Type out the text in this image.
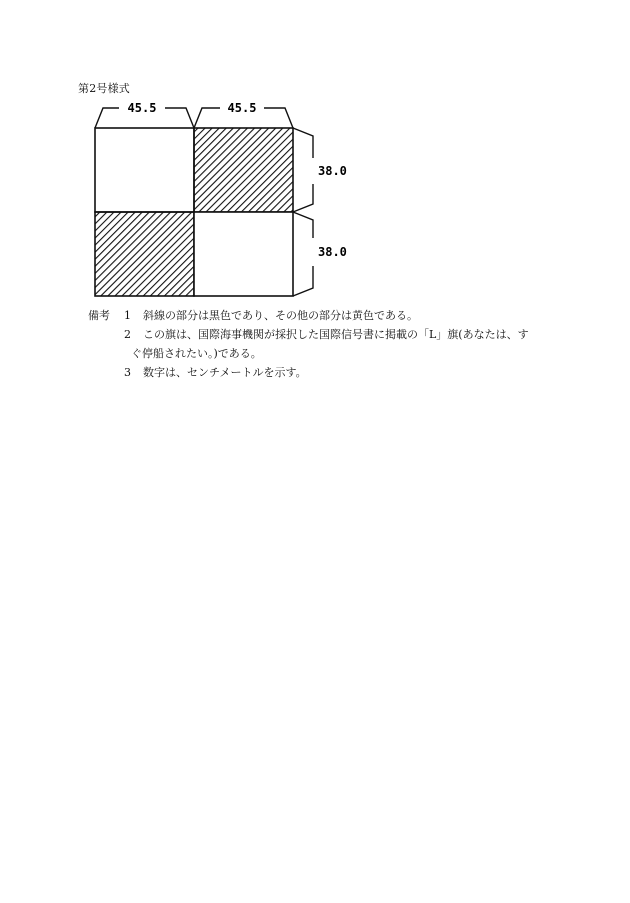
第2号様式
45.5	45.5
38.0
38.0
備考 1 斜線の部分は黒色であり、その他の部分は黄色である。
2 この旗は、国際海事機関が採択した国際信号書に掲載の「L」旗(あなたは、す
ぐ停船されたい。)である。
3 数字は、センチメートルを示す。
